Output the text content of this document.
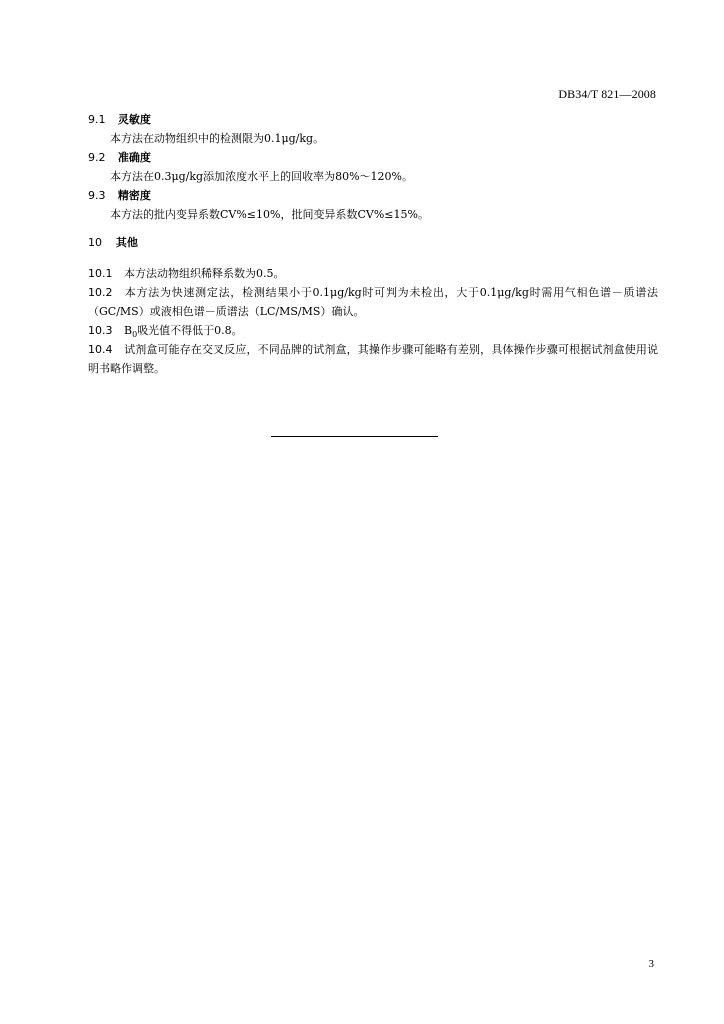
DB34/T 821—2008
9.1 灵敏度
本方法在动物组织中的检测限为0.1μg/kg。
9.2 准确度
本方法在0.3μg/kg添加浓度水平上的回收率为80%～120%。
9.3 精密度
本方法的批内变异系数CV%≤10%，批间变异系数CV%≤15%。
10 其他
10.1 本方法动物组织稀释系数为0.5。
10.2 本方法为快速测定法，检测结果小于0.1μg/kg时可判为未检出，大于0.1μg/kg时需用气相色谱－质谱法（GC/MS）或液相色谱－质谱法（LC/MS/MS）确认。
10.3 $B_0$吸光值不得低于0.8。
10.4 试剂盒可能存在交叉反应，不同品牌的试剂盒，其操作步骤可能略有差别，具体操作步骤可根据试剂盒使用说明书略作调整。
3
